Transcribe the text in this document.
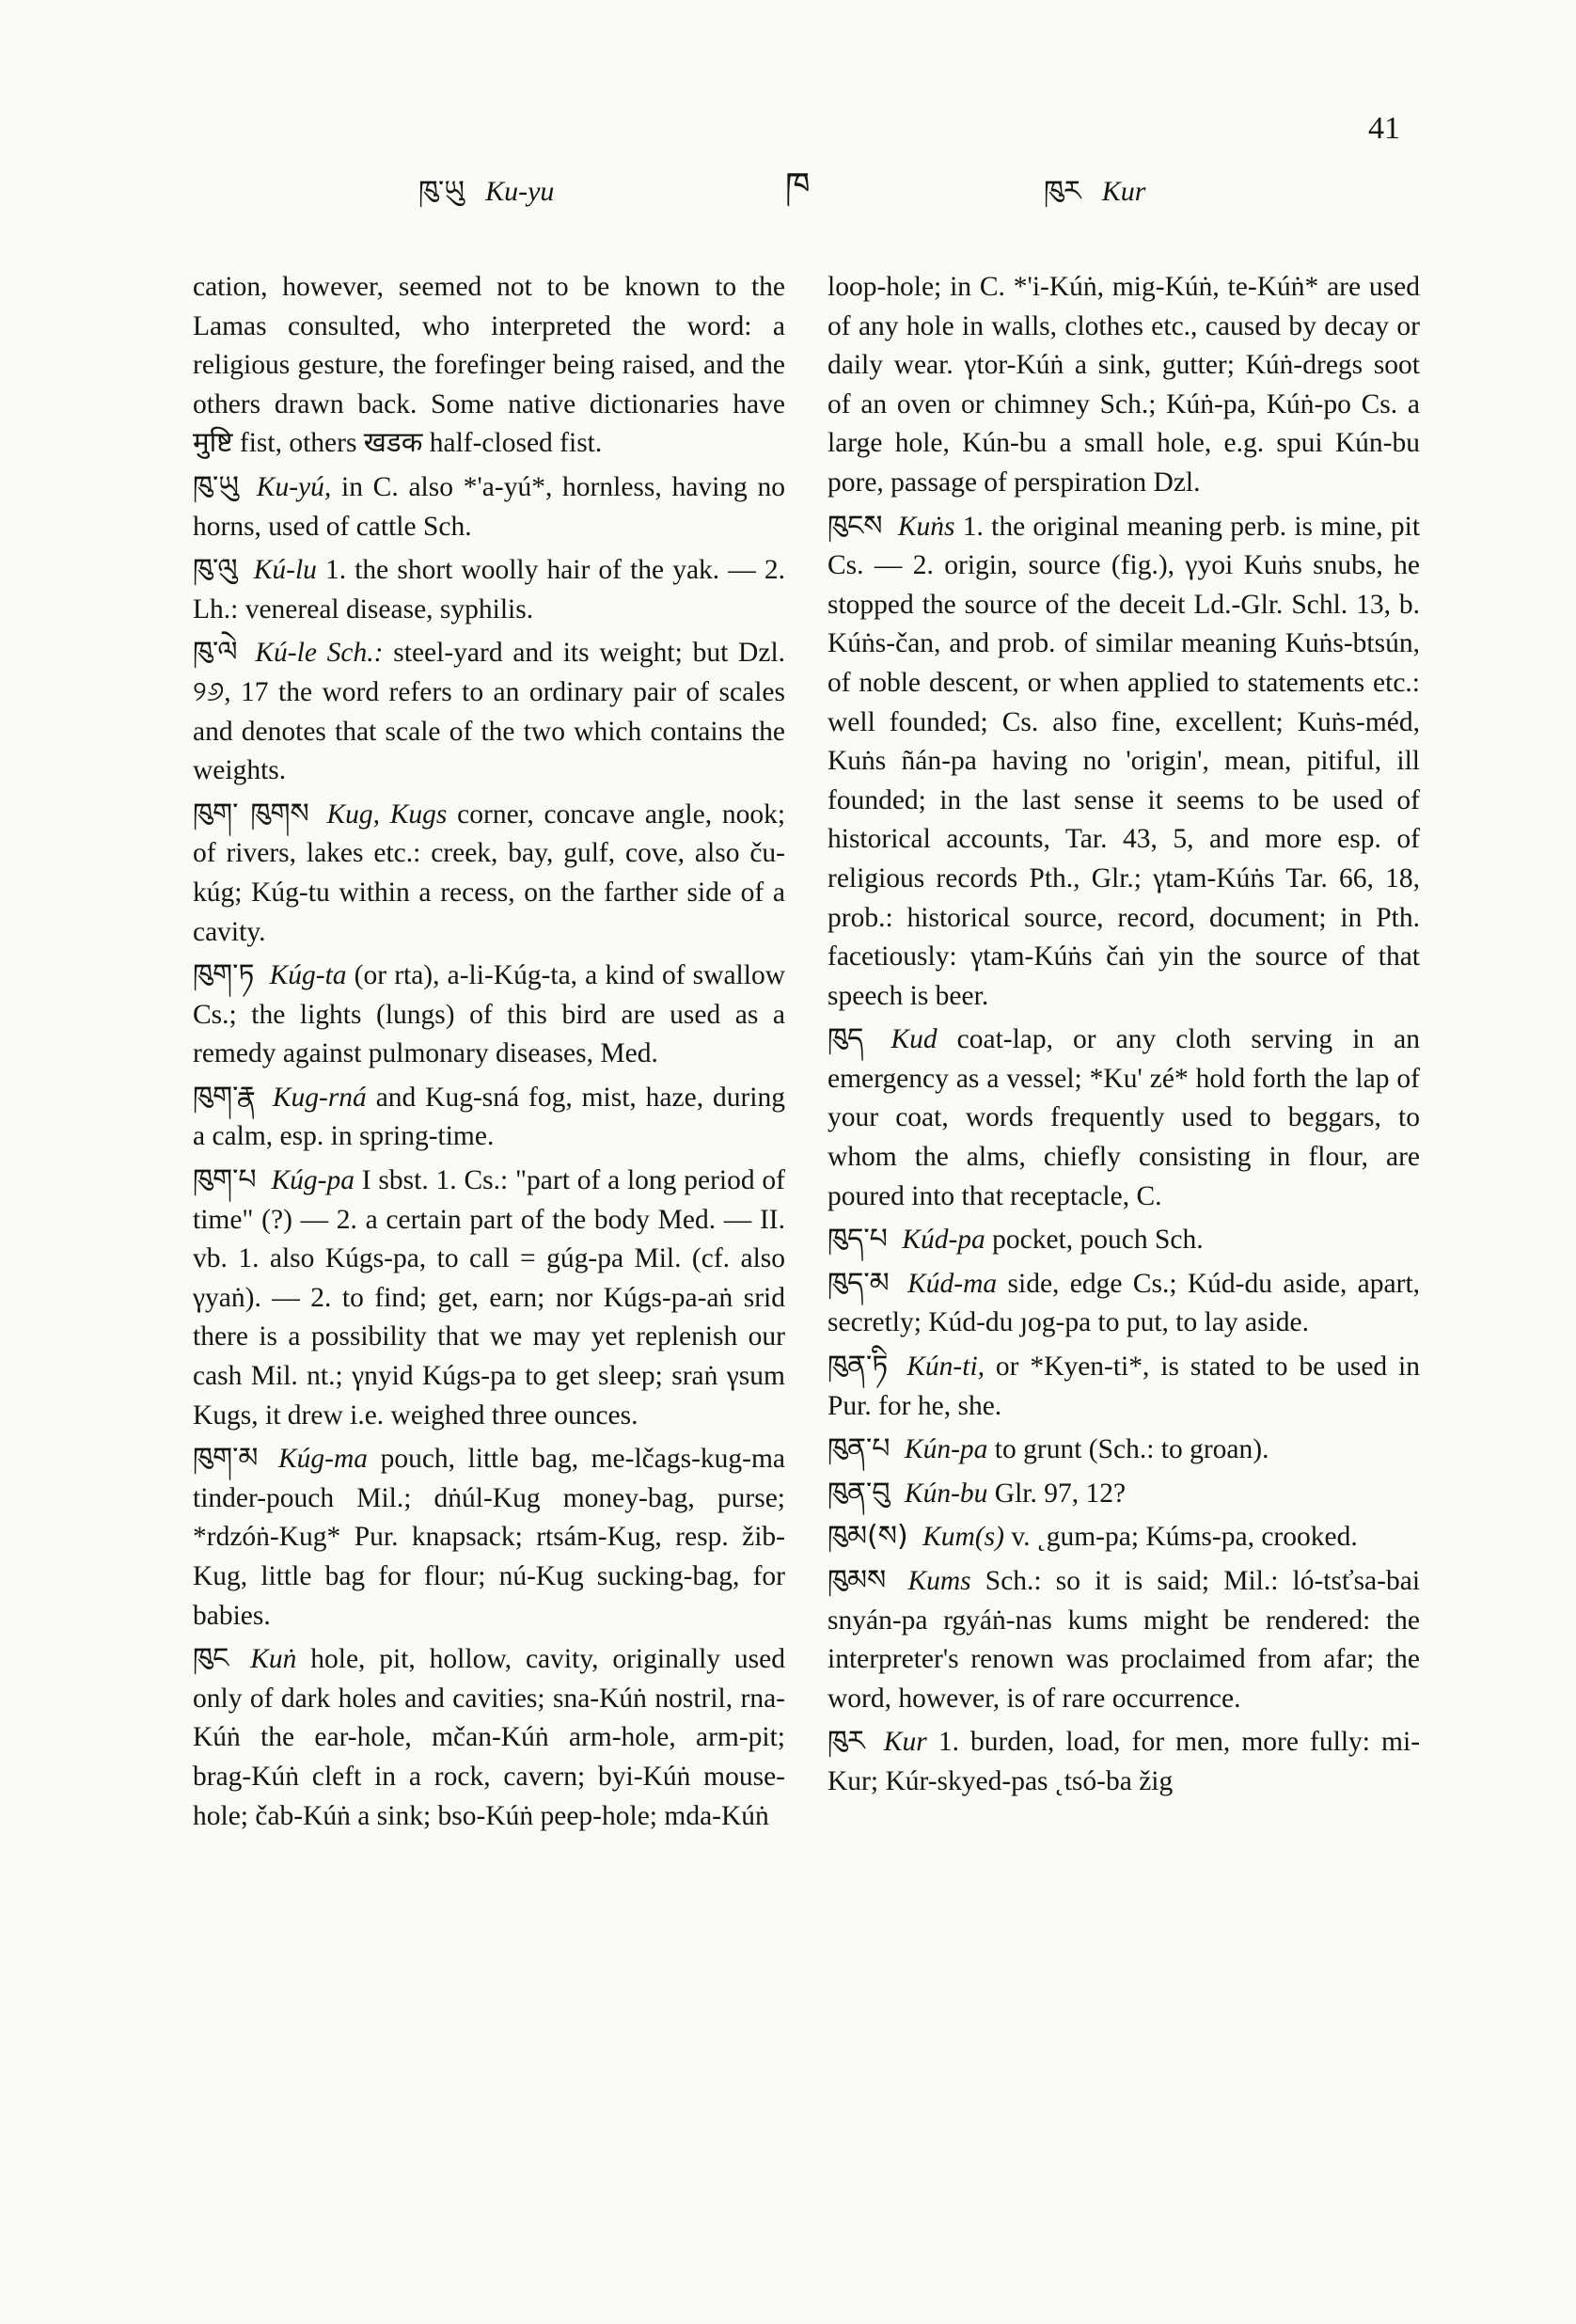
41
ཁ
ཁུ་ཡུ Ku-yu	ཁུར Kur

cation, however, seemed not to be known to the Lamas consulted, who interpreted the word: a religious gesture, the forefinger being raised, and the others drawn back. Some native dictionaries have मुष्टि fist, others खडक half-closed fist.

ཁུ་ཡུ Ku-yú, in C. also *'a-yú*, hornless, having no horns, used of cattle Sch.

ཁུ་ལུ Kú-lu 1. the short woolly hair of the yak. — 2. Lh.: venereal disease, syphilis.

ཁུ་ལེ Kú-le Sch.: steel-yard and its weight; but Dzl. ୨୬, 17 the word refers to an ordinary pair of scales and denotes that scale of the two which contains the weights.

ཁུག་ ཁུགས Kug, Kugs corner, concave angle, nook; of rivers, lakes etc.: creek, bay, gulf, cove, also ču-kúg; Kúg-tu within a recess, on the farther side of a cavity.

ཁུག་ཏ Kúg-ta (or rta), a-li-Kúg-ta, a kind of swallow Cs.; the lights (lungs) of this bird are used as a remedy against pulmonary diseases, Med.

ཁུག་རྣ Kug-rná and Kug-sná fog, mist, haze, during a calm, esp. in spring-time.

ཁུག་པ Kúg-pa I sbst. 1. Cs.: "part of a long period of time" (?) — 2. a certain part of the body Med. — II. vb. 1. also Kúgs-pa, to call = gúg-pa Mil. (cf. also γyaṅ). — 2. to find; get, earn; nor Kúgs-pa-aṅ srid there is a possibility that we may yet replenish our cash Mil. nt.; γnyid Kúgs-pa to get sleep; sraṅ γsum Kugs, it drew i.e. weighed three ounces.

ཁུག་མ Kúg-ma pouch, little bag, me-lčags-kug-ma tinder-pouch Mil.; dṅúl-Kug money-bag, purse; *rdzóṅ-Kug* Pur. knapsack; rtsám-Kug, resp. žib-Kug, little bag for flour; nú-Kug sucking-bag, for babies.

ཁུང Kuṅ hole, pit, hollow, cavity, originally used only of dark holes and cavities; sna-Kúṅ nostril, rna-Kúṅ the ear-hole, mčan-Kúṅ arm-hole, arm-pit; brag-Kúṅ cleft in a rock, cavern; byi-Kúṅ mouse-hole; čab-Kúṅ a sink; bso-Kúṅ peep-hole; mda-Kúṅ

loop-hole; in C. *'i-Kúṅ, mig-Kúṅ, te-Kúṅ* are used of any hole in walls, clothes etc., caused by decay or daily wear. γtor-Kúṅ a sink, gutter; Kúṅ-dregs soot of an oven or chimney Sch.; Kúṅ-pa, Kúṅ-po Cs. a large hole, Kún-bu a small hole, e.g. spui Kún-bu pore, passage of perspiration Dzl.

ཁུངས Kuṅs 1. the original meaning perb. is mine, pit Cs. — 2. origin, source (fig.), γyoi Kuṅs snubs, he stopped the source of the deceit Ld.-Glr. Schl. 13, b. Kúṅs-čan, and prob. of similar meaning Kuṅs-btsún, of noble descent, or when applied to statements etc.: well founded; Cs. also fine, excellent; Kuṅs-méd, Kuṅs ñán-pa having no 'origin', mean, pitiful, ill founded; in the last sense it seems to be used of historical accounts, Tar. 43, 5, and more esp. of religious records Pth., Glr.; γtam-Kúṅs Tar. 66, 18, prob.: historical source, record, document; in Pth. facetiously: γtam-Kúṅs čaṅ yin the source of that speech is beer.

ཁུད Kud coat-lap, or any cloth serving in an emergency as a vessel; *Ku' zé* hold forth the lap of your coat, words frequently used to beggars, to whom the alms, chiefly consisting in flour, are poured into that receptacle, C.

ཁུད་པ Kúd-pa pocket, pouch Sch.

ཁུད་མ Kúd-ma side, edge Cs.; Kúd-du aside, apart, secretly; Kúd-du ȷog-pa to put, to lay aside.

ཁུན་ཏི Kún-ti, or *Kyen-ti*, is stated to be used in Pur. for he, she.

ཁུན་པ Kún-pa to grunt (Sch.: to groan).

ཁུན་བུ Kún-bu Glr. 97, 12?

ཁུམ(ས) Kum(s) v. ˛gum-pa; Kúms-pa, crooked.

ཁུམས Kums Sch.: so it is said; Mil.: ló-tsťsa-bai snyán-pa rgyáṅ-nas kums might be rendered: the interpreter's renown was proclaimed from afar; the word, however, is of rare occurrence.

ཁུར Kur 1. burden, load, for men, more fully: mi-Kur; Kúr-skyed-pas ˛tsó-ba žig
